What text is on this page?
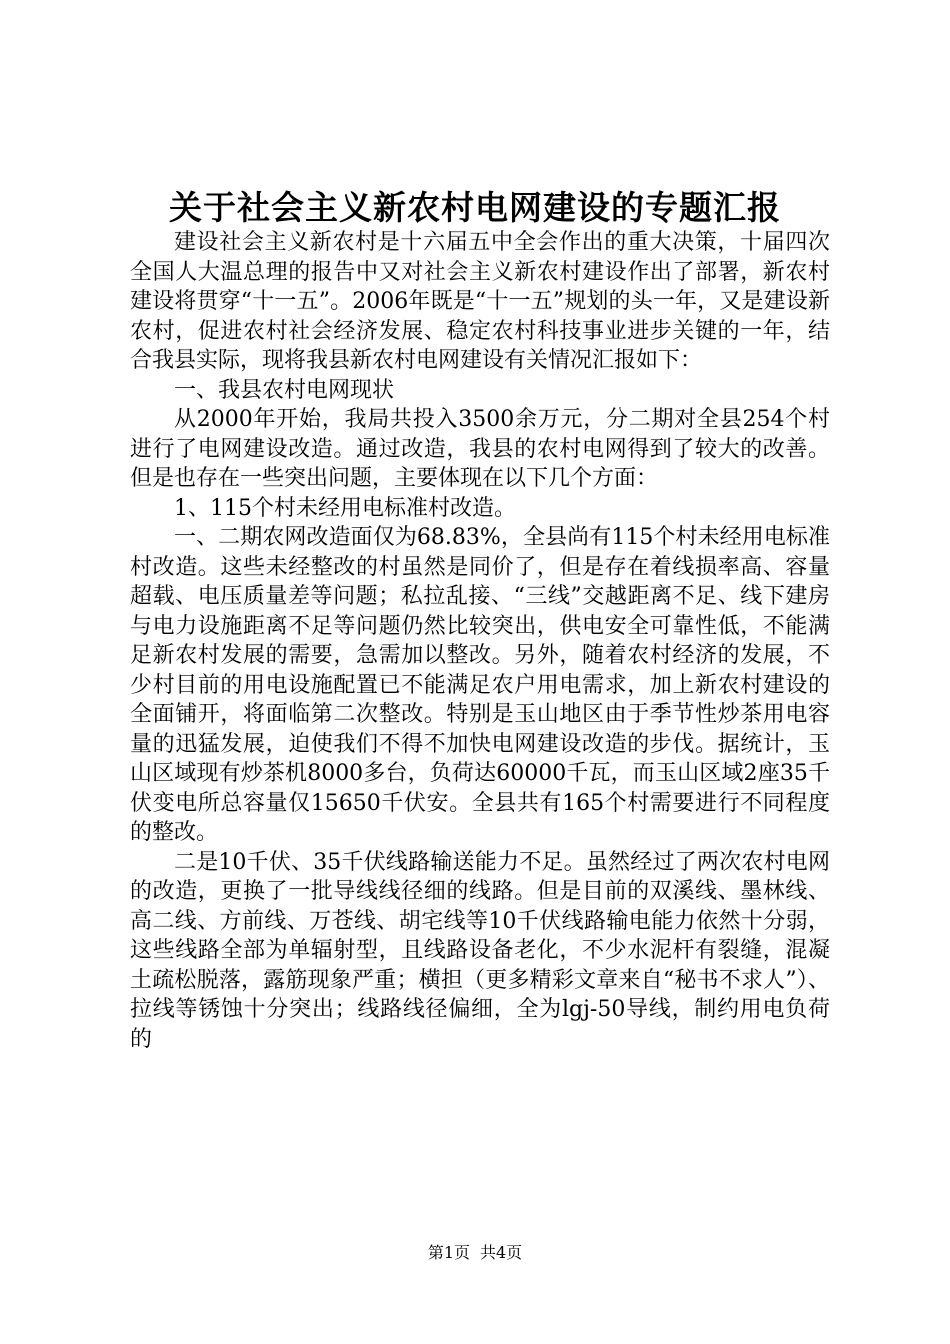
关于社会主义新农村电网建设的专题汇报

建设社会主义新农村是十六届五中全会作出的重大决策，十届四次全国人大温总理的报告中又对社会主义新农村建设作出了部署，新农村建设将贯穿“十一五”。2006年既是“十一五”规划的头一年，又是建设新农村，促进农村社会经济发展、稳定农村科技事业进步关键的一年，结合我县实际，现将我县新农村电网建设有关情况汇报如下：

一、我县农村电网现状

从2000年开始，我局共投入3500余万元，分二期对全县254个村进行了电网建设改造。通过改造，我县的农村电网得到了较大的改善。但是也存在一些突出问题，主要体现在以下几个方面：

1、115个村未经用电标准村改造。

一、二期农网改造面仅为68.83%，全县尚有115个村未经用电标准村改造。这些未经整改的村虽然是同价了，但是存在着线损率高、容量超载、电压质量差等问题；私拉乱接、“三线”交越距离不足、线下建房与电力设施距离不足等问题仍然比较突出，供电安全可靠性低，不能满足新农村发展的需要，急需加以整改。另外，随着农村经济的发展，不少村目前的用电设施配置已不能满足农户用电需求，加上新农村建设的全面铺开，将面临第二次整改。特别是玉山地区由于季节性炒茶用电容量的迅猛发展，迫使我们不得不加快电网建设改造的步伐。据统计，玉山区域现有炒茶机8000多台，负荷达60000千瓦，而玉山区域2座35千伏变电所总容量仅15650千伏安。全县共有165个村需要进行不同程度的整改。

二是10千伏、35千伏线路输送能力不足。虽然经过了两次农村电网的改造，更换了一批导线线径细的线路。但是目前的双溪线、墨林线、高二线、方前线、万苍线、胡宅线等10千伏线路输电能力依然十分弱，这些线路全部为单辐射型，且线路设备老化，不少水泥杆有裂缝，混凝土疏松脱落，露筋现象严重；横担（更多精彩文章来自“秘书不求人”）、拉线等锈蚀十分突出；线路线径偏细，全为lgj-50导线，制约用电负荷的

第1页 共4页
